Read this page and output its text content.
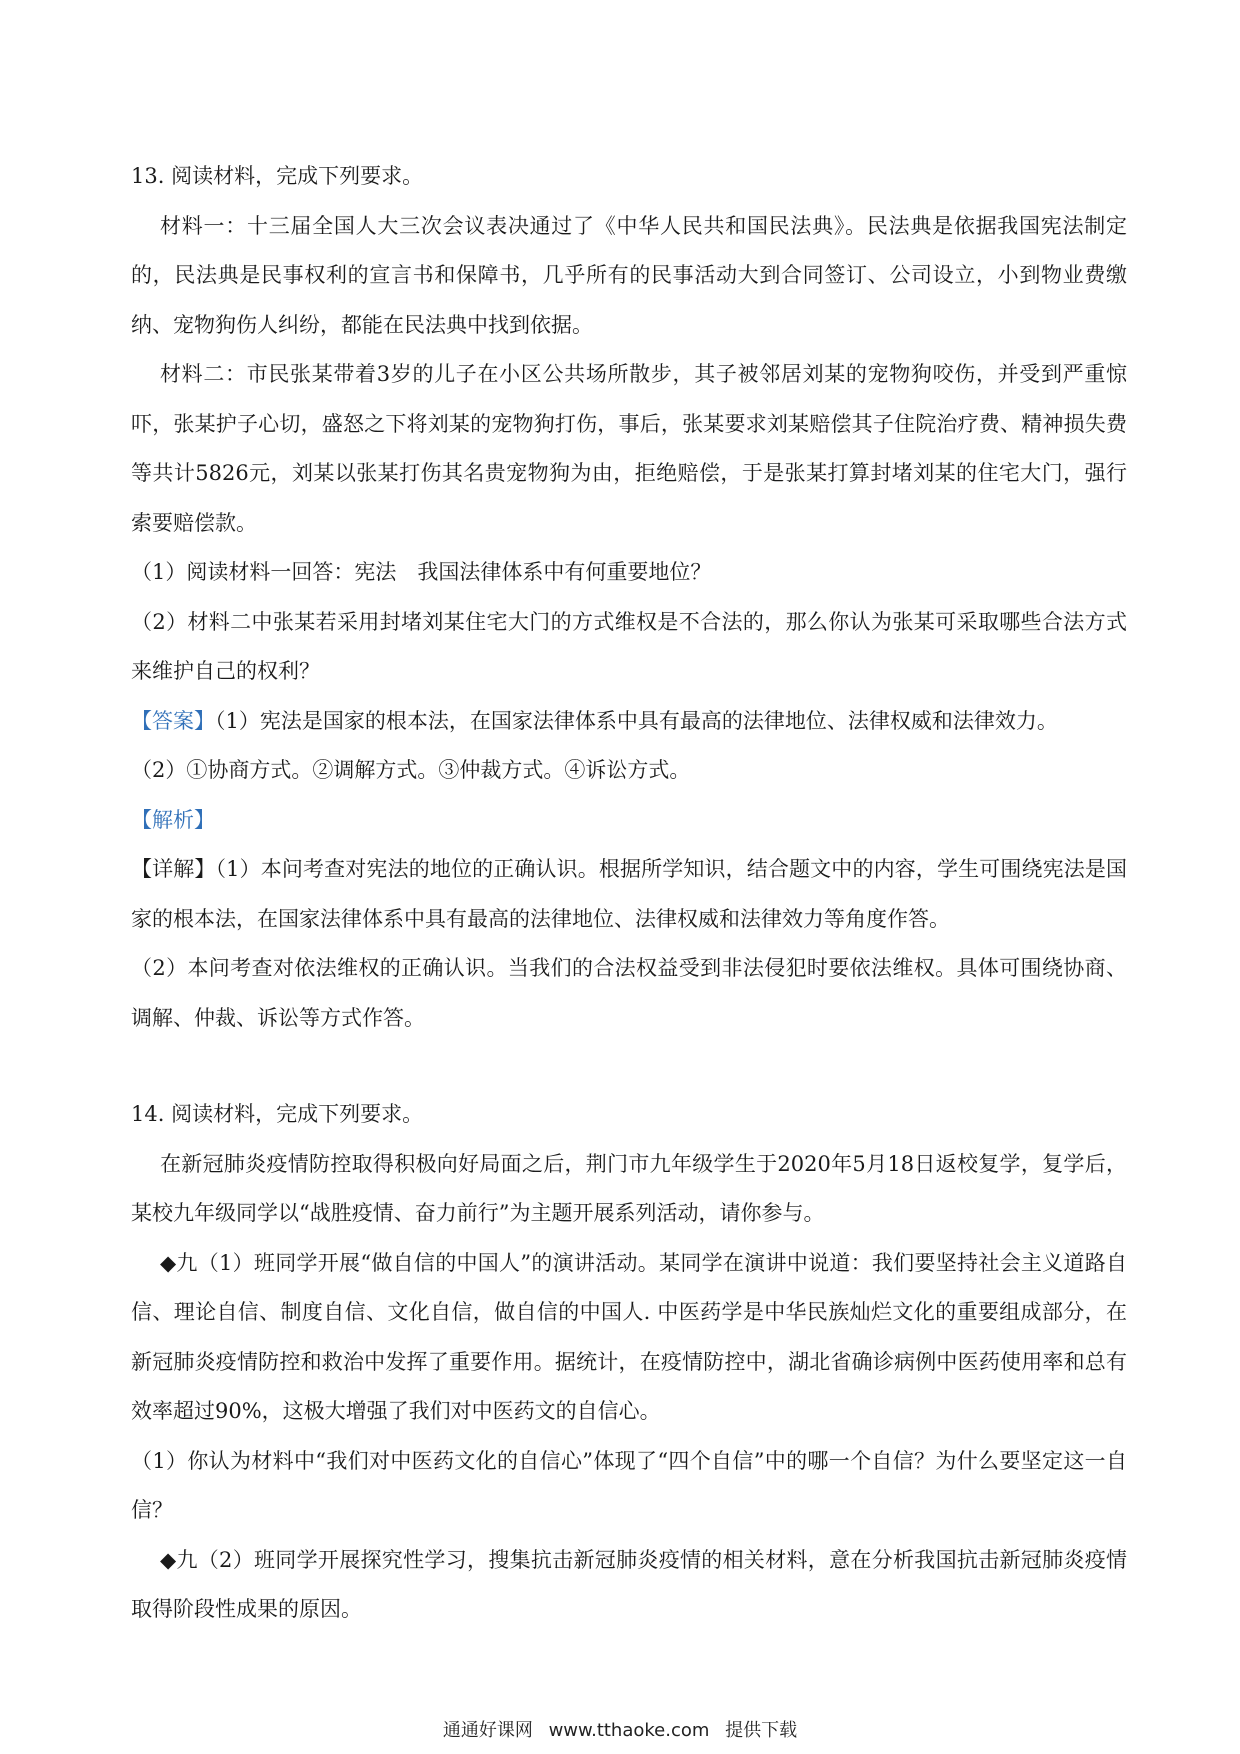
13. 阅读材料，完成下列要求。

材料一：十三届全国人大三次会议表决通过了《中华人民共和国民法典》。民法典是依据我国宪法制定的，民法典是民事权利的宣言书和保障书，几乎所有的民事活动大到合同签订、公司设立，小到物业费缴纳、宠物狗伤人纠纷，都能在民法典中找到依据。

材料二：市民张某带着3岁的儿子在小区公共场所散步，其子被邻居刘某的宠物狗咬伤，并受到严重惊吓，张某护子心切，盛怒之下将刘某的宠物狗打伤，事后，张某要求刘某赔偿其子住院治疗费、精神损失费等共计5826元，刘某以张某打伤其名贵宠物狗为由，拒绝赔偿，于是张某打算封堵刘某的住宅大门，强行索要赔偿款。

（1）阅读材料一回答：宪法　我国法律体系中有何重要地位？

（2）材料二中张某若采用封堵刘某住宅大门的方式维权是不合法的，那么你认为张某可采取哪些合法方式来维护自己的权利？

【答案】（1）宪法是国家的根本法，在国家法律体系中具有最高的法律地位、法律权威和法律效力。

（2）①协商方式。②调解方式。③仲裁方式。④诉讼方式。

【解析】

【详解】（1）本问考查对宪法的地位的正确认识。根据所学知识，结合题文中的内容，学生可围绕宪法是国家的根本法，在国家法律体系中具有最高的法律地位、法律权威和法律效力等角度作答。

（2）本问考查对依法维权的正确认识。当我们的合法权益受到非法侵犯时要依法维权。具体可围绕协商、调解、仲裁、诉讼等方式作答。

14. 阅读材料，完成下列要求。

在新冠肺炎疫情防控取得积极向好局面之后，荆门市九年级学生于2020年5月18日返校复学，复学后，某校九年级同学以“战胜疫情、奋力前行”为主题开展系列活动，请你参与。

◆九（1）班同学开展“做自信的中国人”的演讲活动。某同学在演讲中说道：我们要坚持社会主义道路自信、理论自信、制度自信、文化自信，做自信的中国人. 中医药学是中华民族灿烂文化的重要组成部分，在新冠肺炎疫情防控和救治中发挥了重要作用。据统计，在疫情防控中，湖北省确诊病例中医药使用率和总有效率超过90%，这极大增强了我们对中医药文的自信心。

（1）你认为材料中“我们对中医药文化的自信心”体现了“四个自信”中的哪一个自信？为什么要坚定这一自信？

◆九（2）班同学开展探究性学习，搜集抗击新冠肺炎疫情的相关材料，意在分析我国抗击新冠肺炎疫情取得阶段性成果的原因。

通通好课网 www.tthaoke.com 提供下载
